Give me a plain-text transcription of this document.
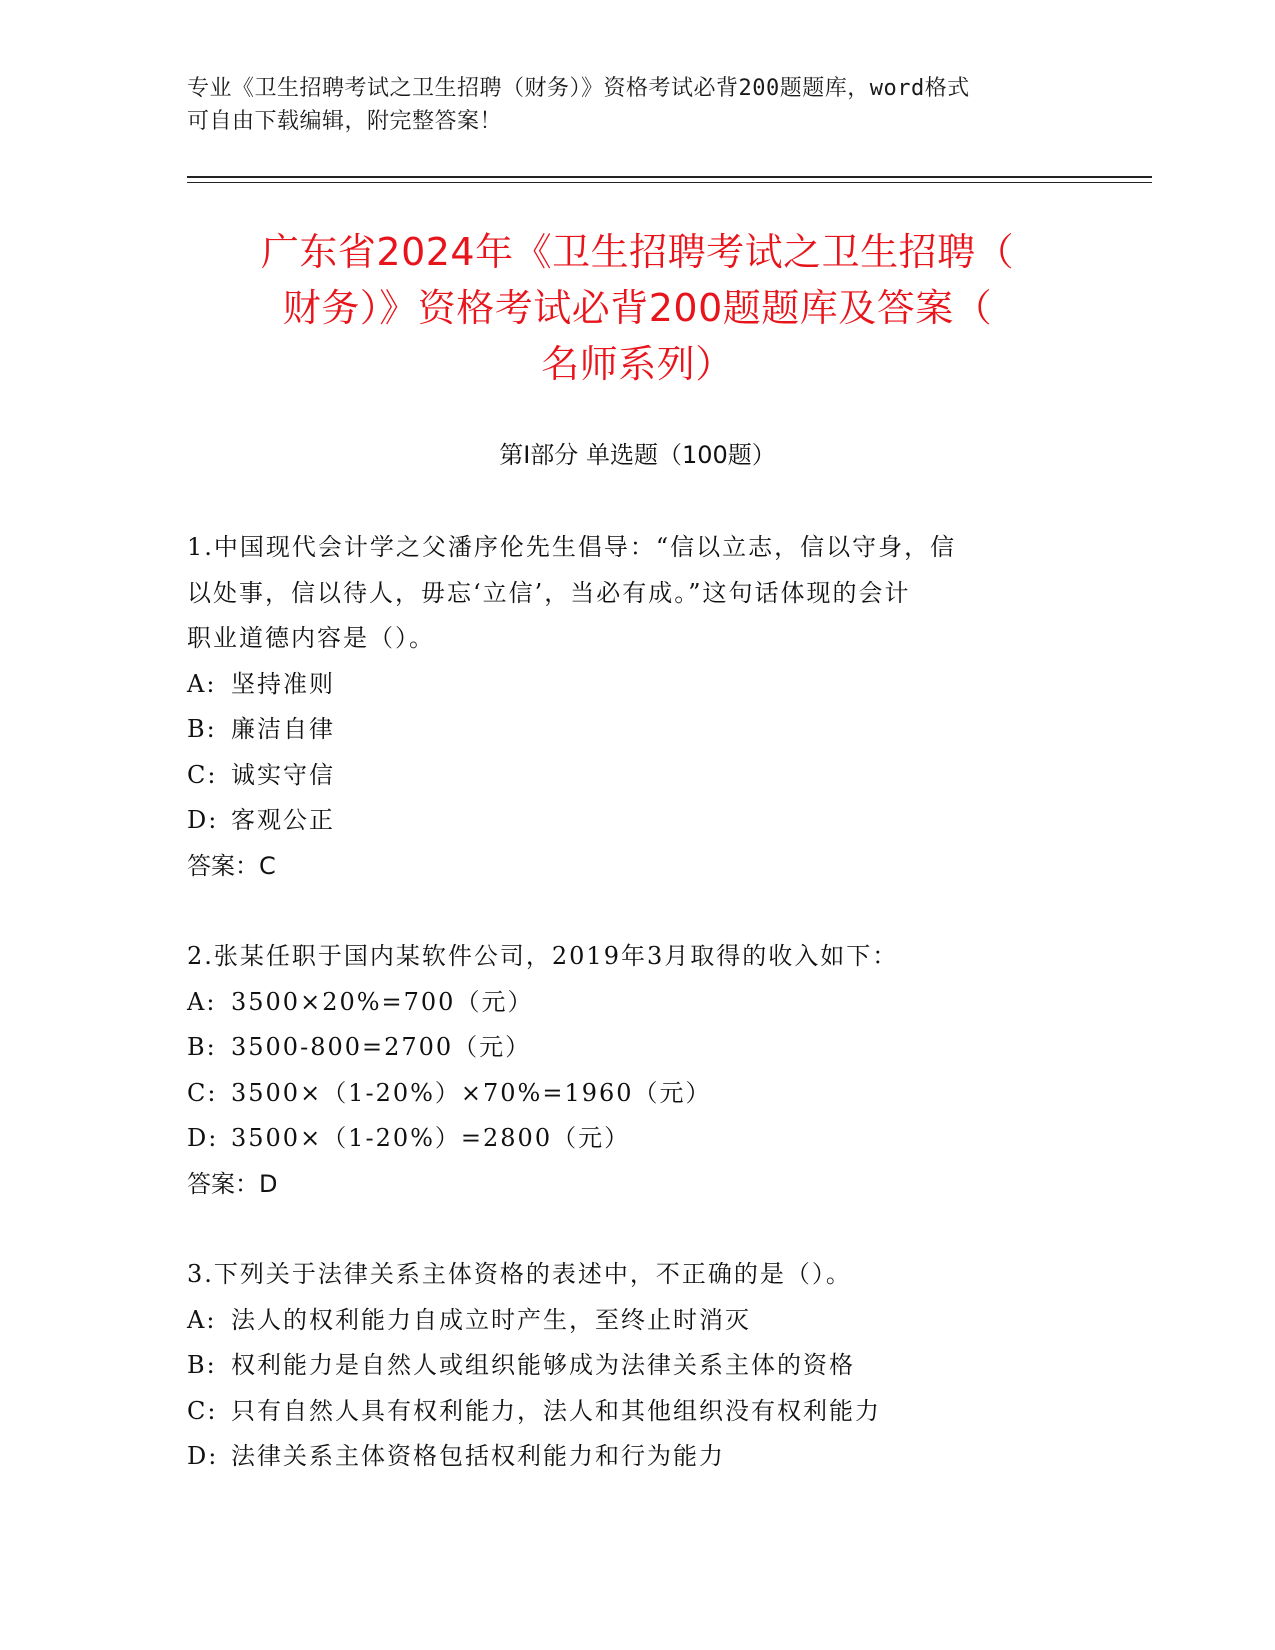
专业《卫生招聘考试之卫生招聘（财务）》资格考试必背200题题库，word格式
可自由下载编辑，附完整答案！
广东省2024年《卫生招聘考试之卫生招聘（
财务）》资格考试必背200题题库及答案（
名师系列）
第Ⅰ部分 单选题（100题）
1.中国现代会计学之父潘序伦先生倡导：“信以立志，信以守身，信
以处事，信以待人，毋忘‘立信’，当必有成。”这句话体现的会计
职业道德内容是（）。
A: 坚持准则
B: 廉洁自律
C: 诚实守信
D: 客观公正
答案：C
2.张某任职于国内某软件公司，2019年3月取得的收入如下：
A: 3500×20%=700（元）
B: 3500-800=2700（元）
C: 3500×（1-20%）×70%=1960（元）
D: 3500×（1-20%）=2800（元）
答案：D
3.下列关于法律关系主体资格的表述中，不正确的是（）。
A: 法人的权利能力自成立时产生，至终止时消灭
B: 权利能力是自然人或组织能够成为法律关系主体的资格
C: 只有自然人具有权利能力，法人和其他组织没有权利能力
D: 法律关系主体资格包括权利能力和行为能力
